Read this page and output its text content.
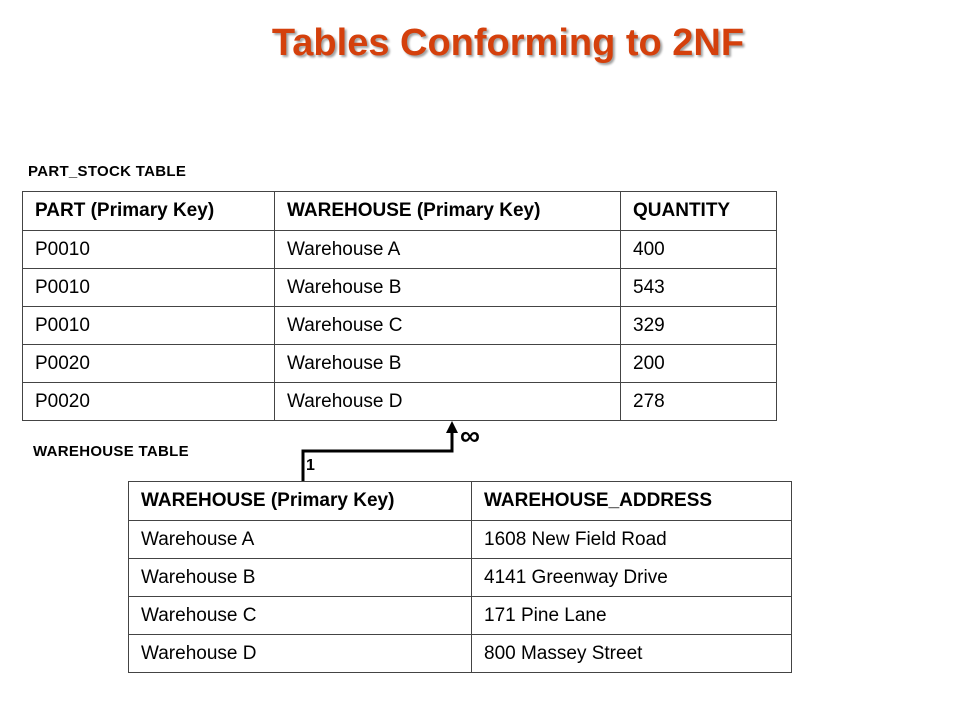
Tables Conforming to 2NF
PART_STOCK TABLE
PART (Primary Key)	WAREHOUSE (Primary Key)	QUANTITY
P0010	Warehouse A	400
P0010	Warehouse B	543
P0010	Warehouse C	329
P0020	Warehouse B	200
P0020	Warehouse D	278
WAREHOUSE TABLE
1
∞
WAREHOUSE (Primary Key)	WAREHOUSE_ADDRESS
Warehouse A	1608 New Field Road
Warehouse B	4141 Greenway Drive
Warehouse C	171 Pine Lane
Warehouse D	800 Massey Street
